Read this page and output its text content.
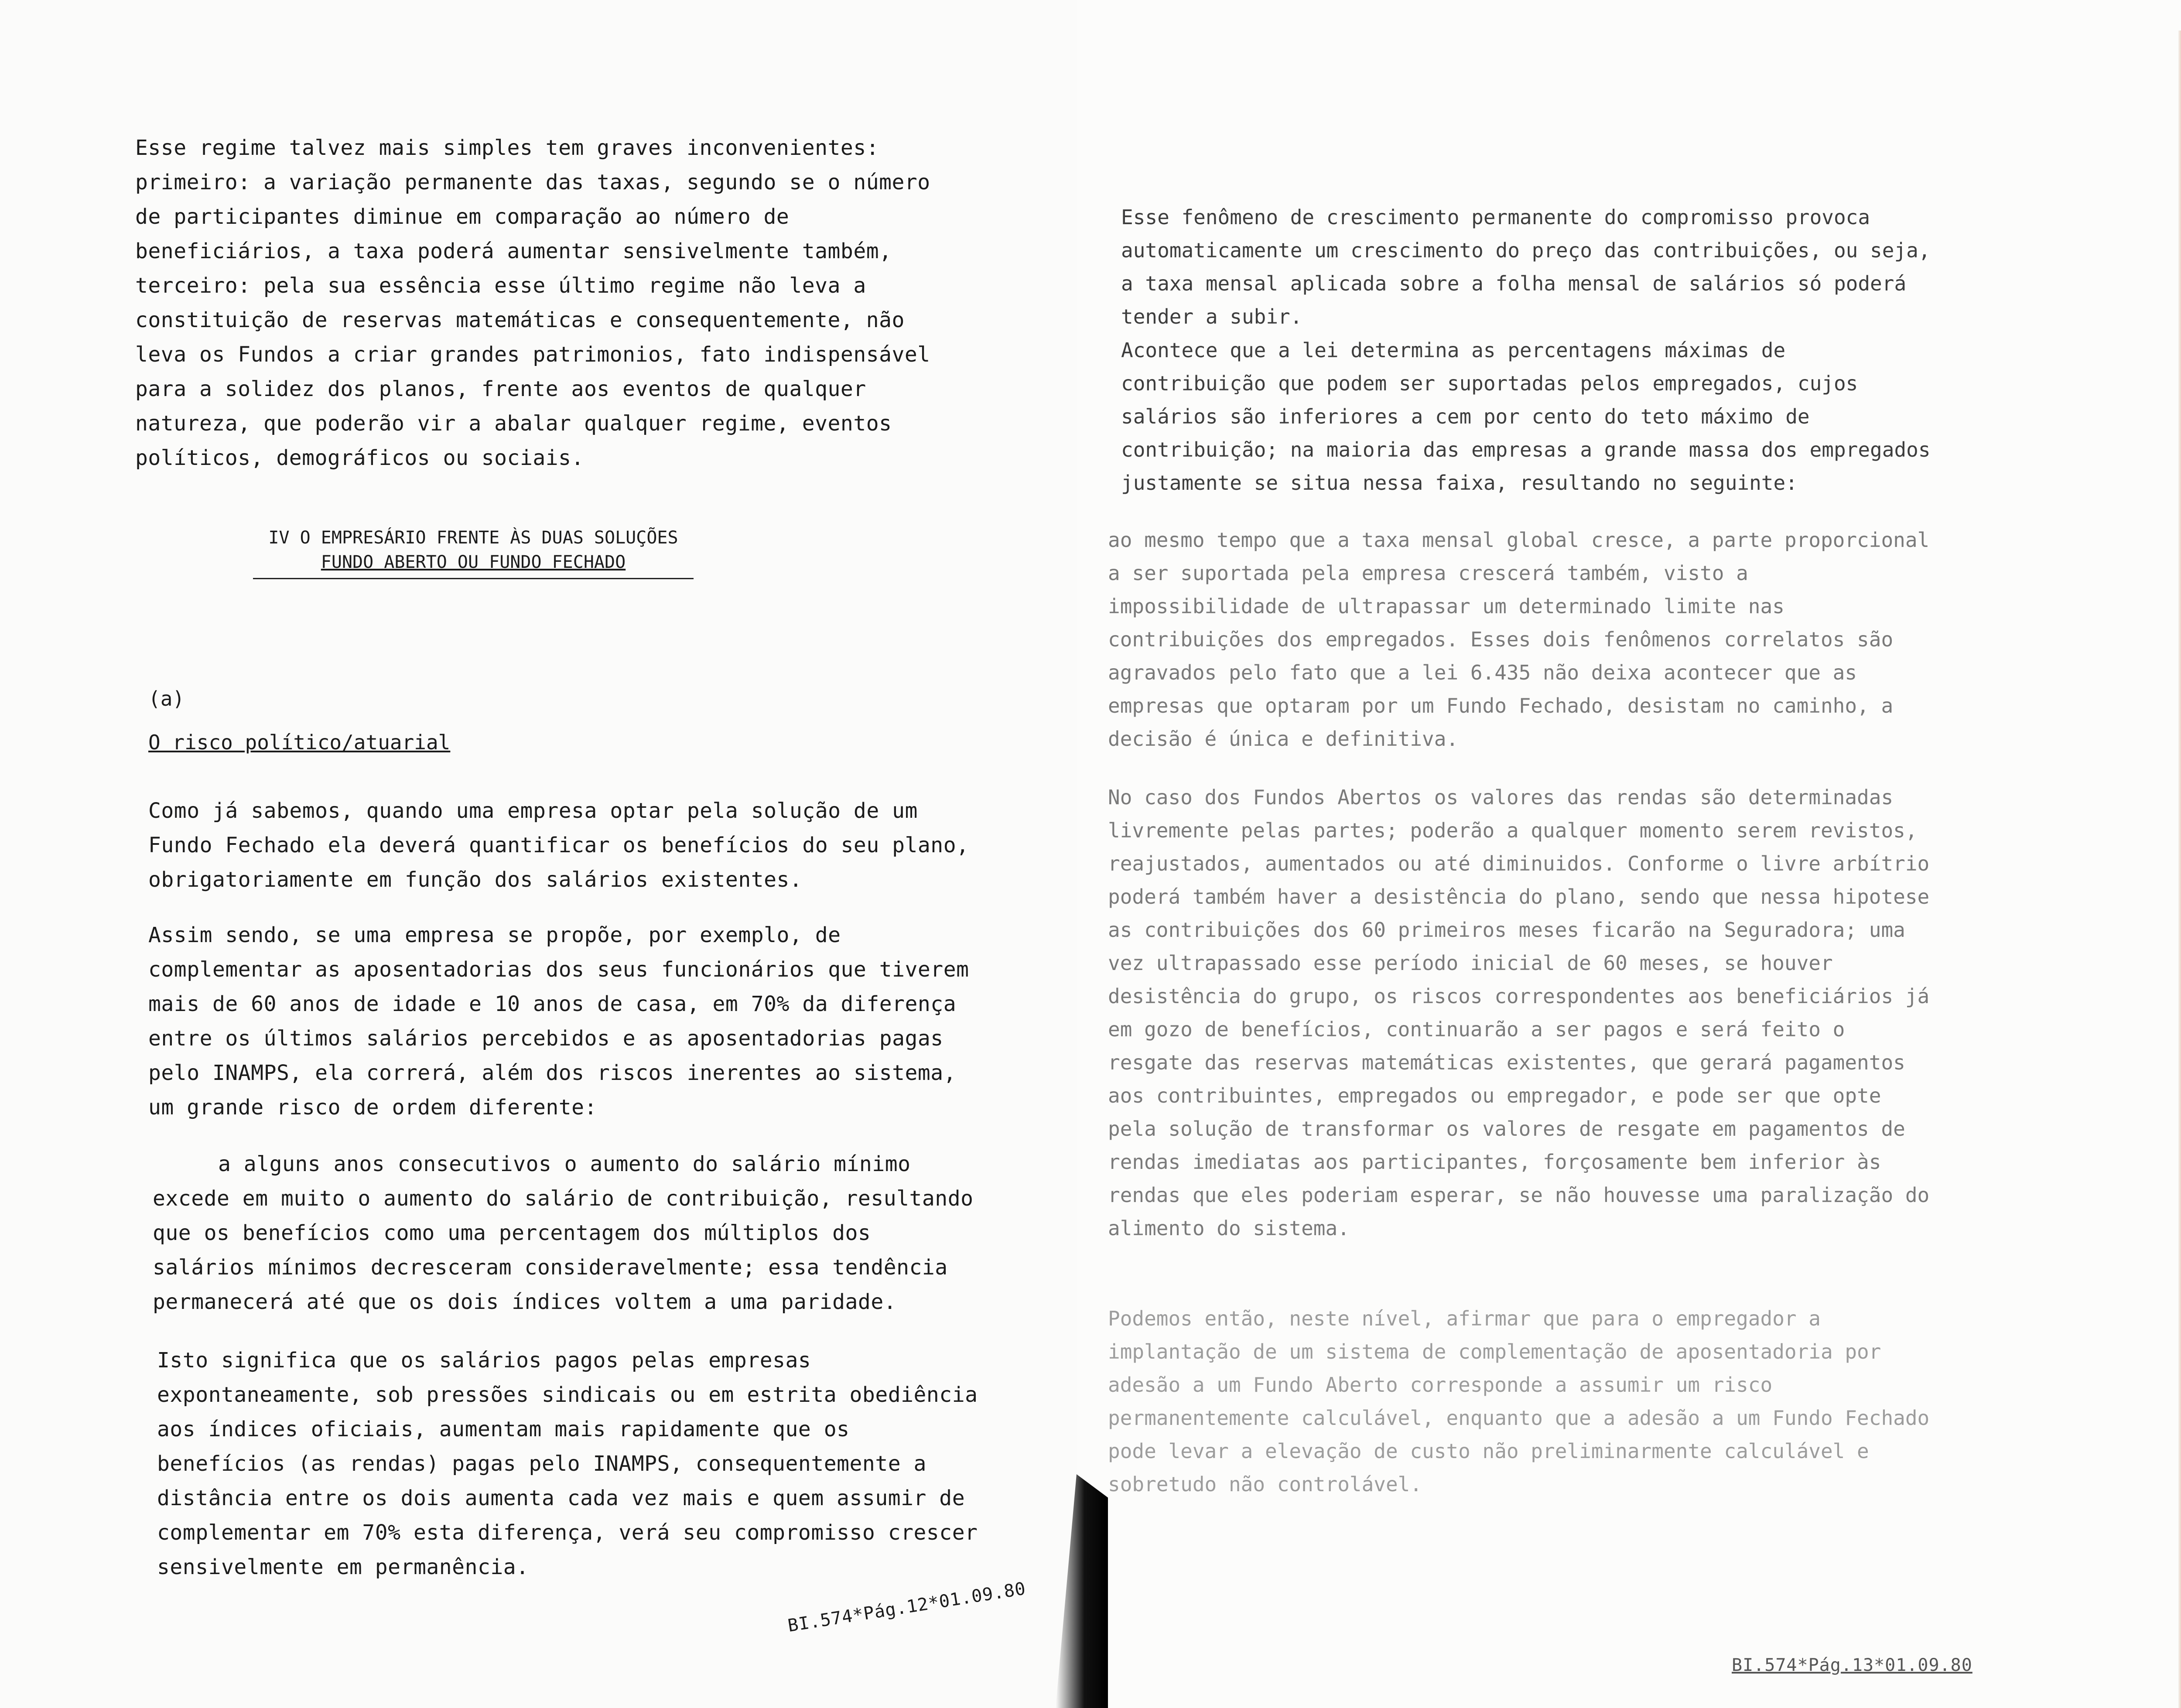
Esse regime talvez mais simples tem graves inconvenientes: primeiro: a variação permanente das taxas, segundo se o número de participantes diminue em comparação ao número de beneficiários, a taxa poderá aumentar sensivelmente também, terceiro: pela sua essência esse último regime não leva a constituição de reservas matemáticas e consequentemente, não leva os Fundos a criar grandes patrimonios, fato indispensável para a solidez dos planos, frente aos eventos de qualquer natureza, que poderão vir a abalar qualquer regime, eventos políticos, demográficos ou sociais.

IV O EMPRESÁRIO FRENTE ÀS DUAS SOLUÇÕES
FUNDO ABERTO OU FUNDO FECHADO
(a)
O risco político/atuarial

Como já sabemos, quando uma empresa optar pela solução de um Fundo Fechado ela deverá quantificar os benefícios do seu plano, obrigatoriamente em função dos salários existentes.

Assim sendo, se uma empresa se propõe, por exemplo, de complementar as aposentadorias dos seus funcionários que tiverem mais de 60 anos de idade e 10 anos de casa, em 70% da diferença entre os últimos salários percebidos e as aposentadorias pagas pelo INAMPS, ela correrá, além dos riscos inerentes ao sistema, um grande risco de ordem diferente:

a alguns anos consecutivos o aumento do salário mínimo excede em muito o aumento do salário de contribuição, resultando que os benefícios como uma percentagem dos múltiplos dos salários mínimos decresceram consideravelmente; essa tendência permanecerá até que os dois índices voltem a uma paridade.

Isto significa que os salários pagos pelas empresas expontaneamente, sob pressões sindicais ou em estrita obediência aos índices oficiais, aumentam mais rapidamente que os benefícios (as rendas) pagas pelo INAMPS, consequentemente a distância entre os dois aumenta cada vez mais e quem assumir de complementar em 70% esta diferença, verá seu compromisso crescer sensivelmente em permanência.

BI.574*Pág.12*01.09.80

Esse fenômeno de crescimento permanente do compromisso provoca automaticamente um crescimento do preço das contribuições, ou seja, a taxa mensal aplicada sobre a folha mensal de salários só poderá tender a subir.

Acontece que a lei determina as percentagens máximas de contribuição que podem ser suportadas pelos empregados, cujos salários são inferiores a cem por cento do teto máximo de contribuição; na maioria das empresas a grande massa dos empregados justamente se situa nessa faixa, resultando no seguinte:

ao mesmo tempo que a taxa mensal global cresce, a parte proporcional a ser suportada pela empresa crescerá também, visto a impossibilidade de ultrapassar um determinado limite nas contribuições dos empregados. Esses dois fenômenos correlatos são agravados pelo fato que a lei 6.435 não deixa acontecer que as empresas que optaram por um Fundo Fechado, desistam no caminho, a decisão é única e definitiva.

No caso dos Fundos Abertos os valores das rendas são determinadas livremente pelas partes; poderão a qualquer momento serem revistos, reajustados, aumentados ou até diminuidos. Conforme o livre arbítrio poderá também haver a desistência do plano, sendo que nessa hipotese as contribuições dos 60 primeiros meses ficarão na Seguradora; uma vez ultrapassado esse período inicial de 60 meses, se houver desistência do grupo, os riscos correspondentes aos beneficiários já em gozo de benefícios, continuarão a ser pagos e será feito o resgate das reservas matemáticas existentes, que gerará pagamentos aos contribuintes, empregados ou empregador, e pode ser que opte pela solução de transformar os valores de resgate em pagamentos de rendas imediatas aos participantes, forçosamente bem inferior às rendas que eles poderiam esperar, se não houvesse uma paralização do alimento do sistema.

Podemos então, neste nível, afirmar que para o empregador a implantação de um sistema de complementação de aposentadoria por adesão a um Fundo Aberto corresponde a assumir um risco permanentemente calculável, enquanto que a adesão a um Fundo Fechado pode levar a elevação de custo não preliminarmente calculável e sobretudo não controlável.

BI.574*Pág.13*01.09.80
